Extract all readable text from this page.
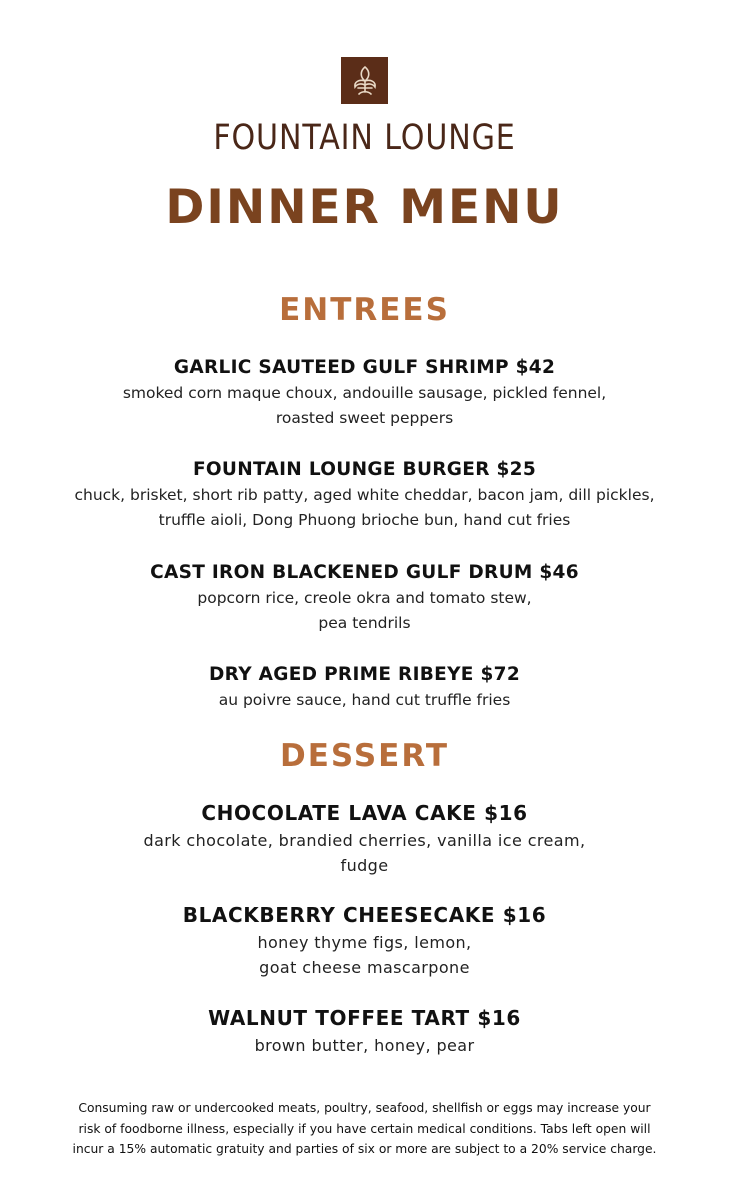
FOUNTAIN LOUNGE
DINNER MENU
ENTREES
GARLIC SAUTEED GULF SHRIMP $42
smoked corn maque choux, andouille sausage, pickled fennel,
roasted sweet peppers
FOUNTAIN LOUNGE BURGER $25
chuck, brisket, short rib patty, aged white cheddar, bacon jam, dill pickles,
truffle aioli, Dong Phuong brioche bun, hand cut fries
CAST IRON BLACKENED GULF DRUM $46
popcorn rice, creole okra and tomato stew,
pea tendrils
DRY AGED PRIME RIBEYE $72
au poivre sauce, hand cut truffle fries
DESSERT
CHOCOLATE LAVA CAKE $16
dark chocolate, brandied cherries, vanilla ice cream,
fudge
BLACKBERRY CHEESECAKE $16
honey thyme figs, lemon,
goat cheese mascarpone
WALNUT TOFFEE TART $16
brown butter, honey, pear
Consuming raw or undercooked meats, poultry, seafood, shellfish or eggs may increase your
risk of foodborne illness, especially if you have certain medical conditions. Tabs left open will
incur a 15% automatic gratuity and parties of six or more are subject to a 20% service charge.
